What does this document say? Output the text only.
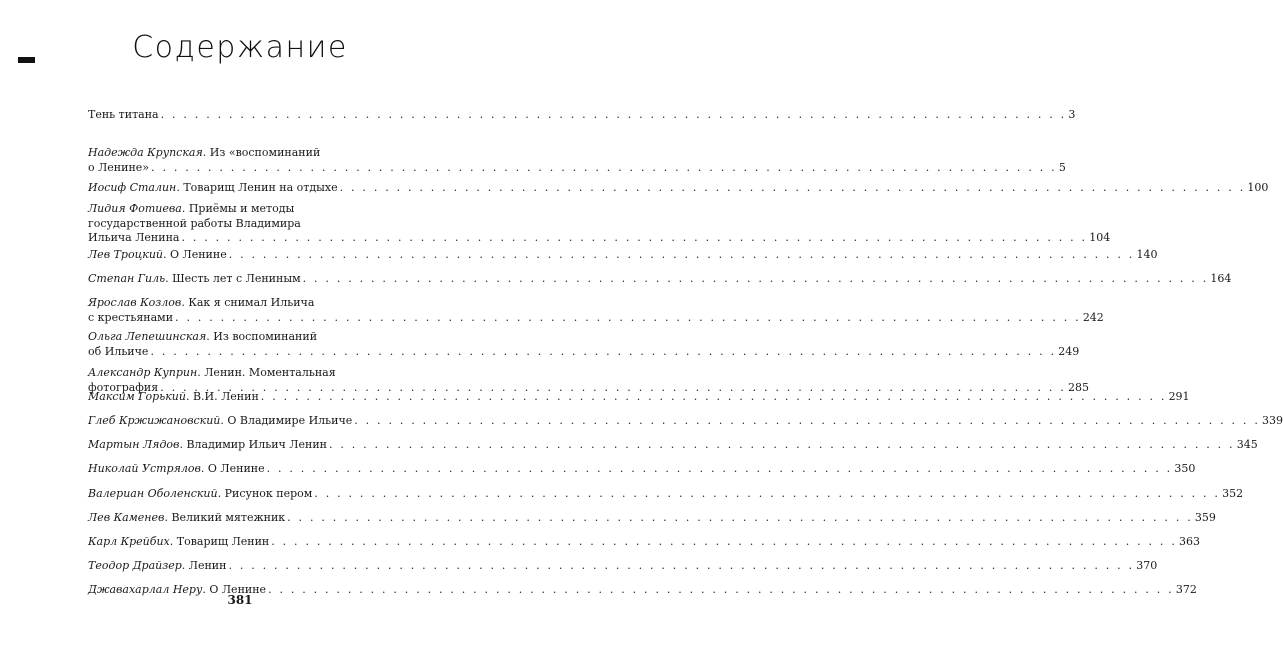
Содержание
Тень титана . . . . . . . . . . . . . . . . . . . . . . . . . . . . . . . . . . . . . . . . . . . . . . . . . . . . . . . . . . . . . . . . . . . . . . . . . . . . . . . . 3
Надежда Крупская. Из «воспоминаний
о Ленине» . . . . . . . . . . . . . . . . . . . . . . . . . . . . . . . . . . . . . . . . . . . . . . . . . . . . . . . . . . . . . . . . . . . . . . . . . . . . . . . . 5
Иосиф Сталин. Товарищ Ленин на отдыхе . . . . . . . . . . . . . . . . . . . . . . . . . . . . . . . . . . . . . . . . . . . . . . . . . . . . . . . . . . . . . . . . . . . . . . . . . . . . . . . . 100
Лидия Фотиева. Приёмы и методы
государственной работы Владимира
Ильича Ленина . . . . . . . . . . . . . . . . . . . . . . . . . . . . . . . . . . . . . . . . . . . . . . . . . . . . . . . . . . . . . . . . . . . . . . . . . . . . . . . . 104
Лев Троцкий. О Ленине . . . . . . . . . . . . . . . . . . . . . . . . . . . . . . . . . . . . . . . . . . . . . . . . . . . . . . . . . . . . . . . . . . . . . . . . . . . . . . . . 140
Степан Гиль. Шесть лет с Лениным . . . . . . . . . . . . . . . . . . . . . . . . . . . . . . . . . . . . . . . . . . . . . . . . . . . . . . . . . . . . . . . . . . . . . . . . . . . . . . . . 164
Ярослав Козлов. Как я снимал Ильича
с крестьянами . . . . . . . . . . . . . . . . . . . . . . . . . . . . . . . . . . . . . . . . . . . . . . . . . . . . . . . . . . . . . . . . . . . . . . . . . . . . . . . . 242
Ольга Лепешинская. Из воспоминаний
об Ильиче . . . . . . . . . . . . . . . . . . . . . . . . . . . . . . . . . . . . . . . . . . . . . . . . . . . . . . . . . . . . . . . . . . . . . . . . . . . . . . . . 249
Александр Куприн. Ленин. Моментальная
фотография . . . . . . . . . . . . . . . . . . . . . . . . . . . . . . . . . . . . . . . . . . . . . . . . . . . . . . . . . . . . . . . . . . . . . . . . . . . . . . . . 285
Максим Горький. В.И. Ленин . . . . . . . . . . . . . . . . . . . . . . . . . . . . . . . . . . . . . . . . . . . . . . . . . . . . . . . . . . . . . . . . . . . . . . . . . . . . . . . . 291
Глеб Кржижановский. О Владимире Ильиче . . . . . . . . . . . . . . . . . . . . . . . . . . . . . . . . . . . . . . . . . . . . . . . . . . . . . . . . . . . . . . . . . . . . . . . . . . . . . . . . 339
Мартын Лядов. Владимир Ильич Ленин . . . . . . . . . . . . . . . . . . . . . . . . . . . . . . . . . . . . . . . . . . . . . . . . . . . . . . . . . . . . . . . . . . . . . . . . . . . . . . . . 345
Николай Устрялов. О Ленине . . . . . . . . . . . . . . . . . . . . . . . . . . . . . . . . . . . . . . . . . . . . . . . . . . . . . . . . . . . . . . . . . . . . . . . . . . . . . . . . 350
Валериан Оболенский. Рисунок пером . . . . . . . . . . . . . . . . . . . . . . . . . . . . . . . . . . . . . . . . . . . . . . . . . . . . . . . . . . . . . . . . . . . . . . . . . . . . . . . . 352
Лев Каменев. Великий мятежник . . . . . . . . . . . . . . . . . . . . . . . . . . . . . . . . . . . . . . . . . . . . . . . . . . . . . . . . . . . . . . . . . . . . . . . . . . . . . . . . 359
Карл Крейбих. Товарищ Ленин . . . . . . . . . . . . . . . . . . . . . . . . . . . . . . . . . . . . . . . . . . . . . . . . . . . . . . . . . . . . . . . . . . . . . . . . . . . . . . . . 363
Теодор Драйзер. Ленин . . . . . . . . . . . . . . . . . . . . . . . . . . . . . . . . . . . . . . . . . . . . . . . . . . . . . . . . . . . . . . . . . . . . . . . . . . . . . . . . 370
Джавахарлал Неру. О Ленине . . . . . . . . . . . . . . . . . . . . . . . . . . . . . . . . . . . . . . . . . . . . . . . . . . . . . . . . . . . . . . . . . . . . . . . . . . . . . . . . 372
381
